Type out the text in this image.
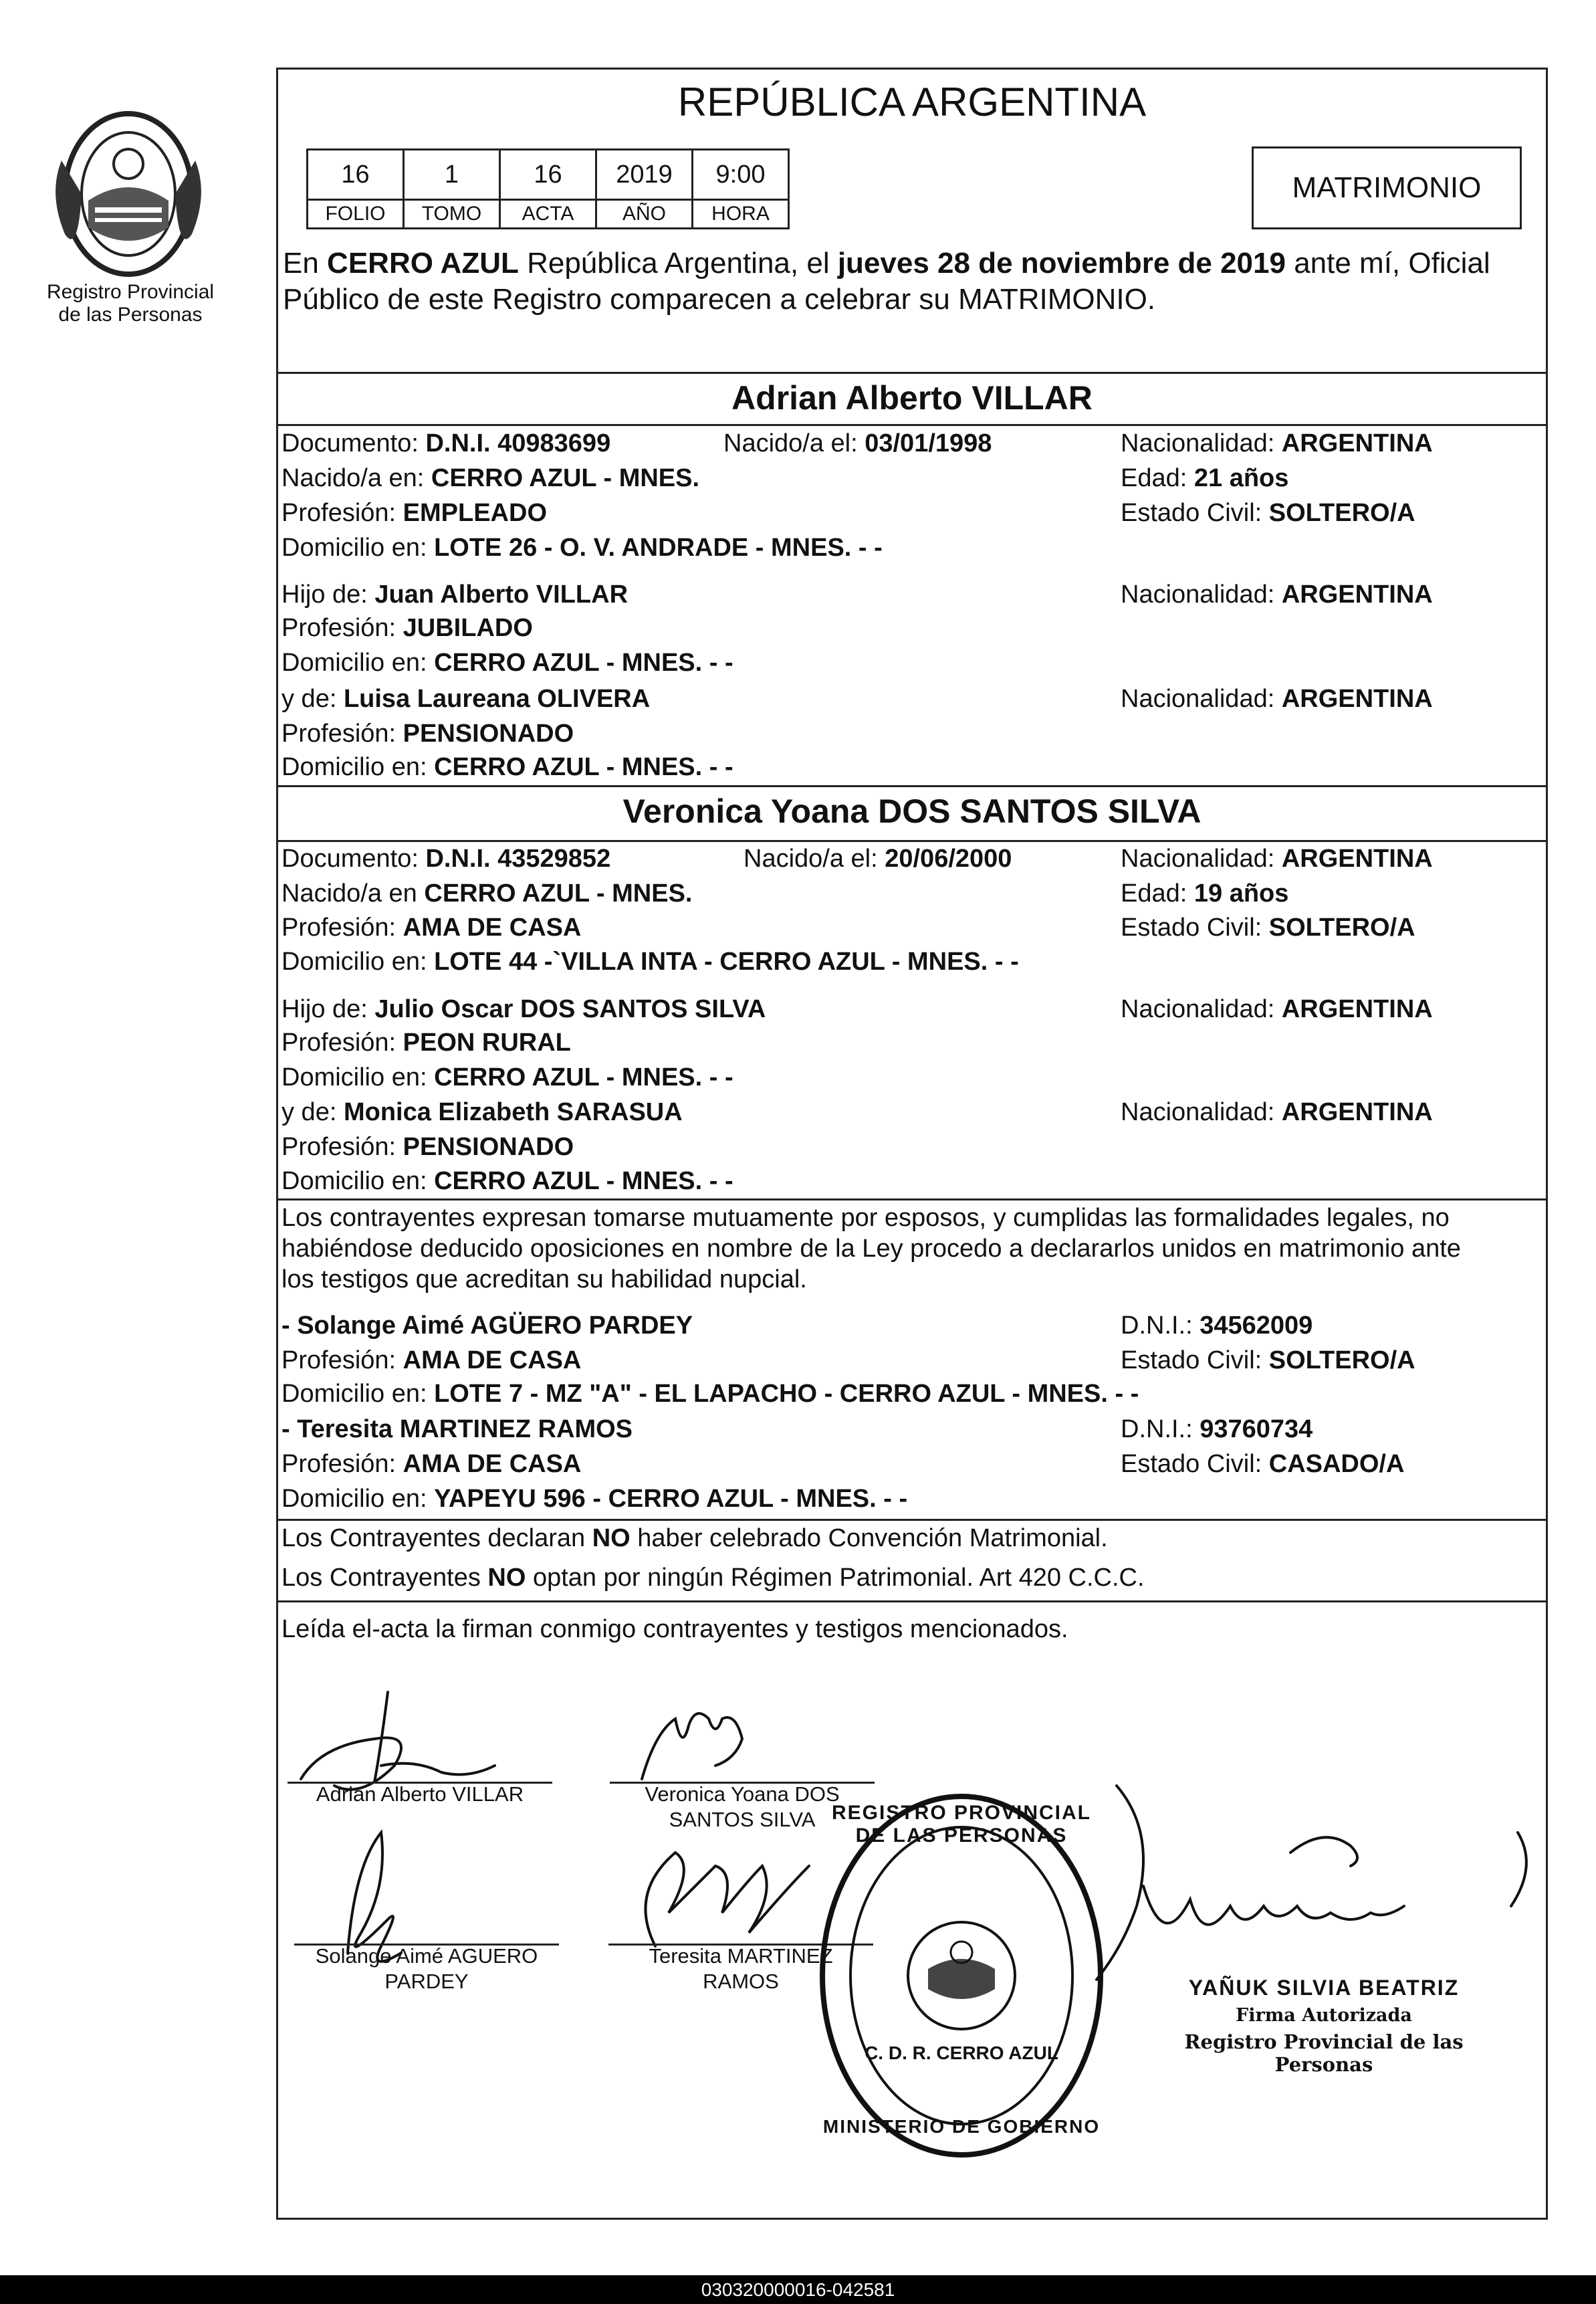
Registro Provincial
de las Personas
REPÚBLICA ARGENTINA
16	1	16	2019	9:00
FOLIO	TOMO	ACTA	AÑO	HORA
MATRIMONIO
En CERRO AZUL República Argentina, el jueves 28 de noviembre de 2019 ante mí, Oficial
Público de este Registro comparecen a celebrar su MATRIMONIO.
Adrian Alberto VILLAR
Documento: D.N.I. 40983699	Nacido/a el: 03/01/1998	Nacionalidad: ARGENTINA
Nacido/a en: CERRO AZUL - MNES.	Edad: 21 años
Profesión: EMPLEADO	Estado Civil: SOLTERO/A
Domicilio en: LOTE 26 - O. V. ANDRADE - MNES. - -
Hijo de: Juan Alberto VILLAR	Nacionalidad: ARGENTINA
Profesión: JUBILADO
Domicilio en: CERRO AZUL - MNES. - -
y de: Luisa Laureana OLIVERA	Nacionalidad: ARGENTINA
Profesión: PENSIONADO
Domicilio en: CERRO AZUL - MNES. - -
Veronica Yoana DOS SANTOS SILVA
Documento: D.N.I. 43529852	Nacido/a el: 20/06/2000	Nacionalidad: ARGENTINA
Nacido/a en CERRO AZUL - MNES.	Edad: 19 años
Profesión: AMA DE CASA	Estado Civil: SOLTERO/A
Domicilio en: LOTE 44 -`VILLA INTA - CERRO AZUL - MNES. - -
Hijo de: Julio Oscar DOS SANTOS SILVA	Nacionalidad: ARGENTINA
Profesión: PEON RURAL
Domicilio en: CERRO AZUL - MNES. - -
y de: Monica Elizabeth SARASUA	Nacionalidad: ARGENTINA
Profesión: PENSIONADO
Domicilio en: CERRO AZUL - MNES. - -
Los contrayentes expresan tomarse mutuamente por esposos, y cumplidas las formalidades legales, no
habiéndose deducido oposiciones en nombre de la Ley procedo a declararlos unidos en matrimonio ante
los testigos que acreditan su habilidad nupcial.
- Solange Aimé AGÜERO PARDEY	D.N.I.: 34562009
Profesión: AMA DE CASA	Estado Civil: SOLTERO/A
Domicilio en: LOTE 7 - MZ "A" - EL LAPACHO - CERRO AZUL - MNES. - -
- Teresita MARTINEZ RAMOS	D.N.I.: 93760734
Profesión: AMA DE CASA	Estado Civil: CASADO/A
Domicilio en: YAPEYU 596 - CERRO AZUL - MNES. - -
Los Contrayentes declaran NO haber celebrado Convención Matrimonial.
Los Contrayentes NO optan por ningún Régimen Patrimonial. Art 420 C.C.C.
Leída el-acta la firman conmigo contrayentes y testigos mencionados.
Adrian Alberto VILLAR	Veronica Yoana DOS
SANTOS SILVA
Solange Aimé AGUERO
PARDEY
Teresita MARTINEZ
RAMOS
REGISTRO PROVINCIAL DE LAS PERSONAS
C. D. R. CERRO AZUL
MINISTERIO DE GOBIERNO
YAÑUK SILVIA BEATRIZ
Firma Autorizada
Registro Provincial de las Personas
030320000016-042581
